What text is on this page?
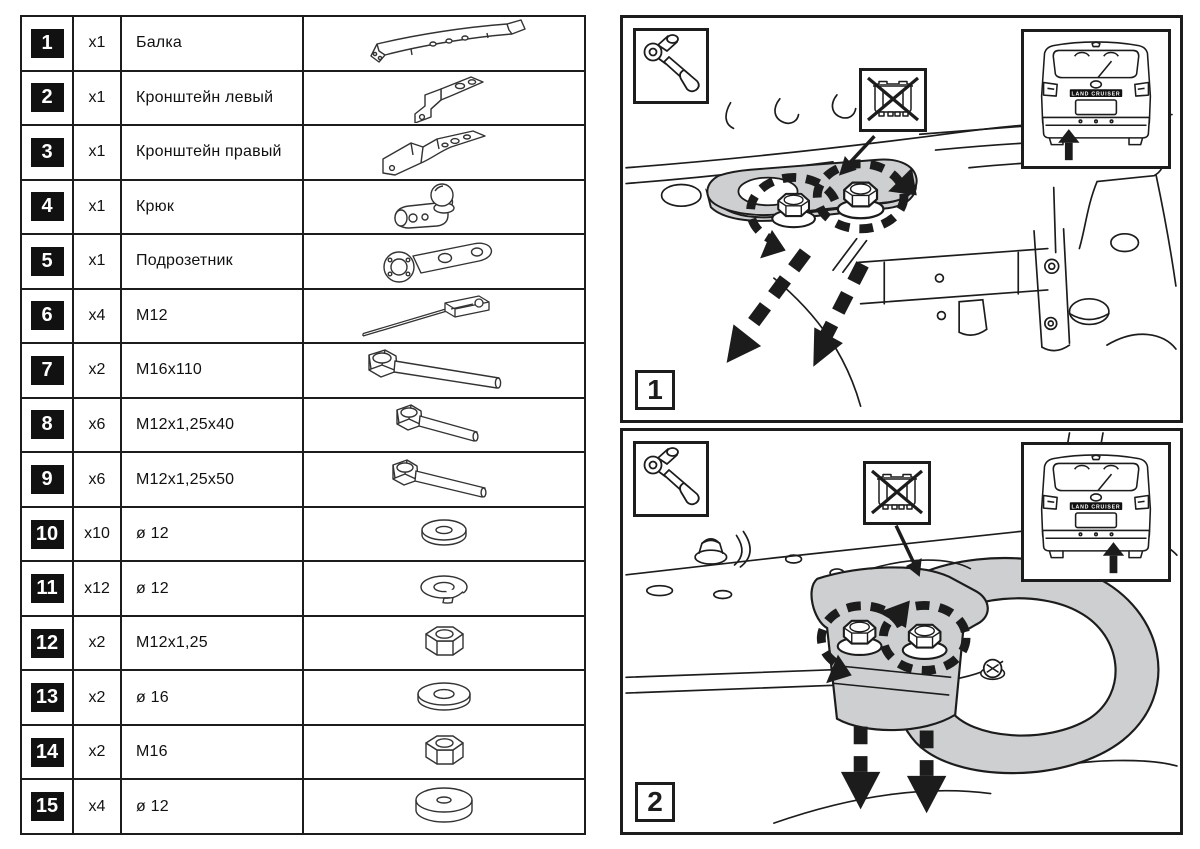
1	x1	Балка
2	x1	Кронштейн левый
3	x1	Кронштейн правый
4	x1	Крюк
5	x1	Подрозетник
6	x4	M12
7	x2	M16x110
8	x6	M12x1,25x40
9	x6	M12x1,25x50
10	x10	ø 12
11	x12	ø 12
12	x2	M12x1,25
13	x2	ø 16
14	x2	M16
15	x4	ø 12
LAND CRUISER
1
LAND CRUISER
2
